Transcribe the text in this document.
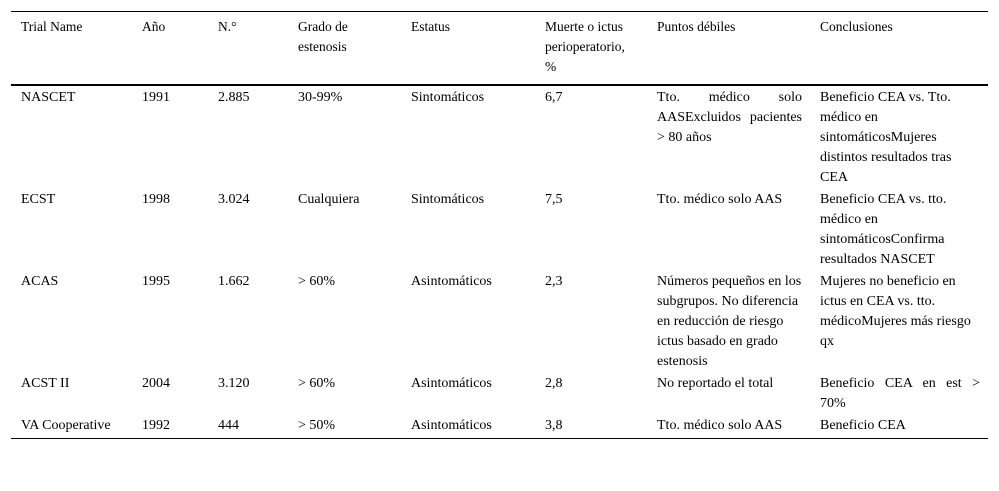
Trial Name	Año	N.°	Grado de estenosis	Estatus	Muerte o ictus perioperatorio, %	Puntos débiles	Conclusiones
NASCET	1991	2.885	30-99%	Sintomáticos	6,7	Tto. médico solo AASExcluidos pacientes > 80 años	Beneficio CEA vs. Tto. médico en sintomáticosMujeres distintos resultados tras CEA
ECST	1998	3.024	Cualquiera	Sintomáticos	7,5	Tto. médico solo AAS	Beneficio CEA vs. tto. médico en sintomáticosConfirma resultados NASCET
ACAS	1995	1.662	> 60%	Asintomáticos	2,3	Números pequeños en los subgrupos. No diferencia en reducción de riesgo ictus basado en grado estenosis	Mujeres no beneficio en ictus en CEA vs. tto. médicoMujeres más riesgo qx
ACST II	2004	3.120	> 60%	Asintomáticos	2,8	No reportado el total	Beneficio CEA en est > 70%
VA Cooperative	1992	444	> 50%	Asintomáticos	3,8	Tto. médico solo AAS	Beneficio CEA
